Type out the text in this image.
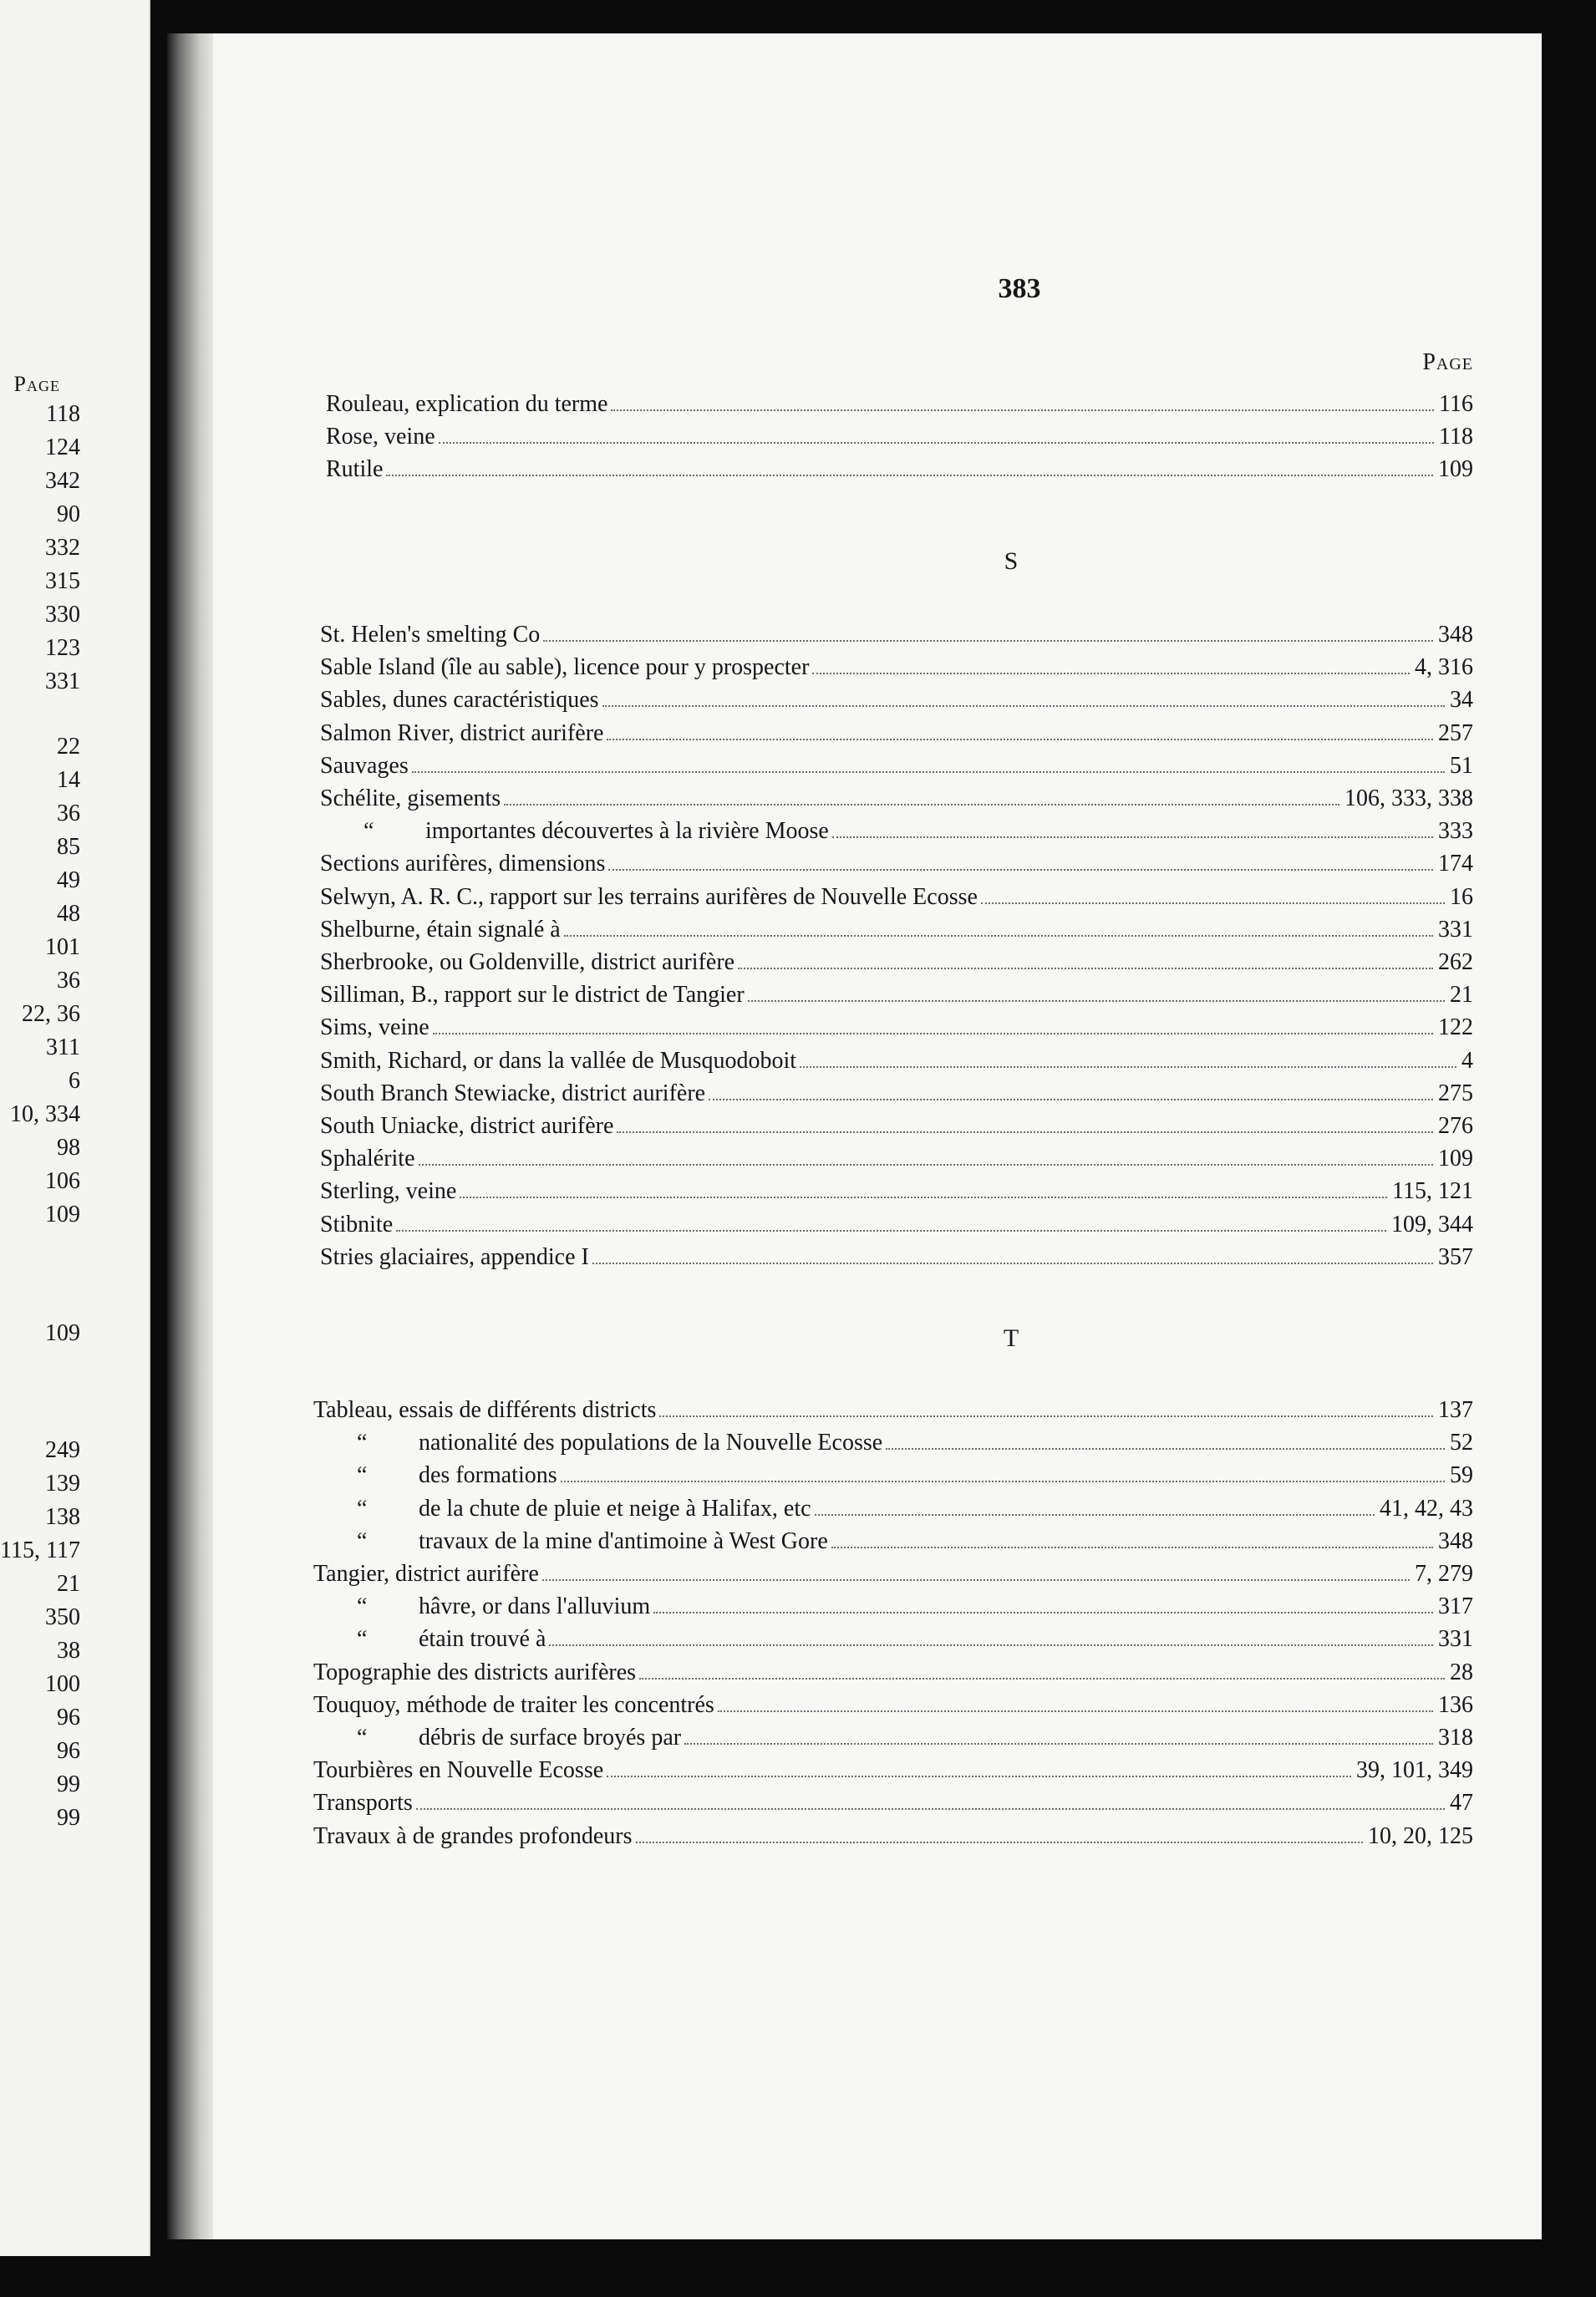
Page
118
124
342
90
332
315
330
123
331
22
14
36
85
49
48
101
36
22, 36
311
6
10, 334
98
106
109
109
249
139
138
115, 117
21
350
38
100
96
96
99
99
383
Page
Rouleau, explication du terme	116
Rose, veine	118
Rutile	109
S
St. Helen's smelting Co	348
Sable Island (île au sable), licence pour y prospecter	4, 316
Sables, dunes caractéristiques	34
Salmon River, district aurifère	257
Sauvages	51
Schélite, gisements	106, 333, 338
“	importantes découvertes à la rivière Moose	333
Sections aurifères, dimensions	174
Selwyn, A. R. C., rapport sur les terrains aurifères de Nouvelle Ecosse	16
Shelburne, étain signalé à	331
Sherbrooke, ou Goldenville, district aurifère	262
Silliman, B., rapport sur le district de Tangier	21
Sims, veine	122
Smith, Richard, or dans la vallée de Musquodoboit	4
South Branch Stewiacke, district aurifère	275
South Uniacke, district aurifère	276
Sphalérite	109
Sterling, veine	115, 121
Stibnite	109, 344
Stries glaciaires, appendice I	357
T
Tableau, essais de différents districts	137
“	nationalité des populations de la Nouvelle Ecosse	52
“	des formations	59
“	de la chute de pluie et neige à Halifax, etc	41, 42, 43
“	travaux de la mine d'antimoine à West Gore	348
Tangier, district aurifère	7, 279
“	hâvre, or dans l'alluvium	317
“	étain trouvé à	331
Topographie des districts aurifères	28
Touquoy, méthode de traiter les concentrés	136
“	débris de surface broyés par	318
Tourbières en Nouvelle Ecosse	39, 101, 349
Transports	47
Travaux à de grandes profondeurs	10, 20, 125
